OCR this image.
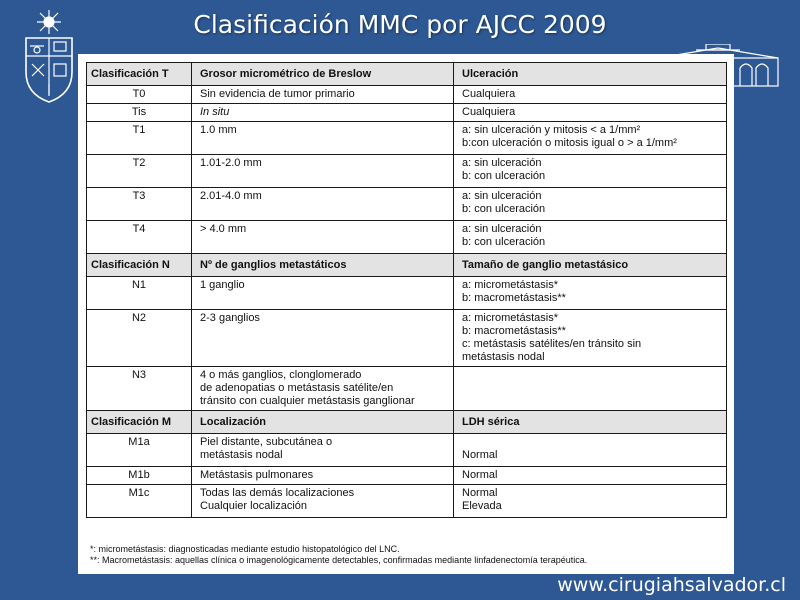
Clasificación MMC por AJCC 2009
Clasificación T	Grosor micrométrico de Breslow	Ulceración
T0	Sin evidencia de tumor primario	Cualquiera

Tis	In situ	Cualquiera

T1	1.0 mm	a: sin ulceración y mitosis < a 1/mm²
b:con ulceración o mitosis igual o > a 1/mm²

T2	1.01-2.0 mm	a: sin ulceración
b: con ulceración

T3	2.01-4.0 mm	a: sin ulceración
b: con ulceración

T4	> 4.0 mm	a: sin ulceración
b: con ulceración

Clasificación N	Nº de ganglios metastáticos	Tamaño de ganglio metastásico
N1	1 ganglio	a: micrometástasis*
b: macrometástasis**

N2	2-3 ganglios	a: micrometástasis*
b: macrometástasis**
c: metástasis satélites/en tránsito sin
metástasis nodal

N3	4 o más ganglios, clonglomerado
de adenopatias o metástasis satélite/en
tránsito con cualquier metástasis ganglionar	

Clasificación M	Localización	LDH sérica
M1a	Piel distante, subcutánea o
metástasis nodal	Normal

M1b	Metástasis pulmonares	Normal

M1c	Todas las demás localizaciones
Cualquier localización	Normal
Elevada
*: micrometástasis: diagnosticadas mediante estudio histopatológico del LNC.
**: Macrometástasis: aquellas clínica o imagenológicamente detectables, confirmadas mediante linfadenectomía terapéutica.
www.cirugiahsalvador.cl
